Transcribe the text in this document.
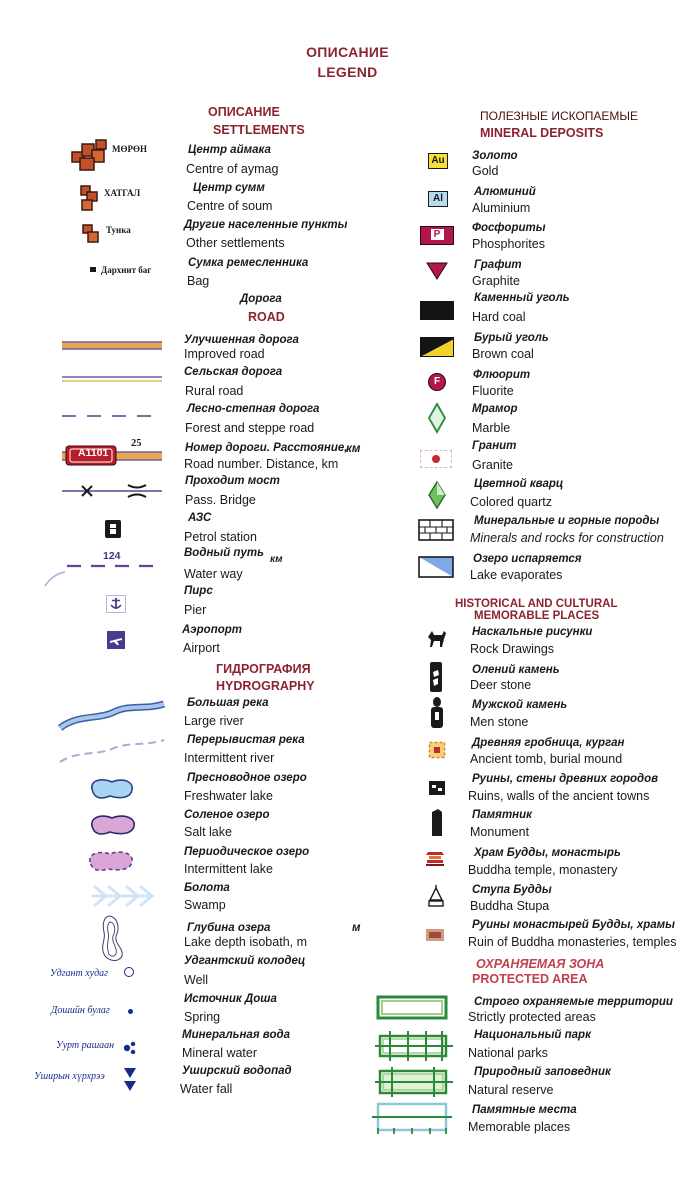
ОПИСАНИЕ
LEGEND
ОПИСАНИЕ
SETTLEMENTS
МӨРӨН	Центр аймака
Centre of aymag
ХАТГАЛ	Центр сумм
Centre of soum
Тунка	Другие населенные пункты
Other settlements
Дархнит баг
Сумка ремесленника
Bag
Дорога
ROAD
Улучшенная дорога
Improved road
Сельская дорога
Rural road
Лесно-степная дорога
Forest and steppe road
A1101
25	Номер дороги. Расстояние,
км
Road number. Distance, km
Проходит мост
Pass. Bridge
АЗС
Petrol station
124	Водный путь
км
Water way
Пирс
Pier
Аэропорт
Airport
ГИДРОГРАФИЯ
HYDROGRAPHY
Большая река
Large river
Перерывистая река
Intermittent river
Пресноводное озеро
Freshwater lake
Соленое озеро
Salt lake
Периодическое озеро
Intermittent lake
Болота
Swamp
Глубина озера	м
Lake depth isobath, m
Удгант худаг
Удгантский колодец
Well
Дошийн булаг
Источник Доша
Spring
Уурт рашаан
Минеральная вода
Mineral water
Уширын хүрхрээ	Уширский водопад
Water fall
ПОЛЕЗНЫЕ ИСКОПАЕМЫЕ
MINERAL DEPOSITS
Au Золото
Gold
Al
Алюминий
Aluminium
P
Фосфориты
Phosphorites
Графит
Graphite
Каменный уголь
Hard coal
Бурый уголь
Brown coal
F
Флюорит
Fluorite
Мрамор
Marble
Гранит
Granite
Цветной кварц
Colored quartz
Минеральные и горные породы
Minerals and rocks for construction
Озеро испаряется
Lake evaporates
HISTORICAL AND CULTURAL
MEMORABLE PLACES
Наскальные рисунки
Rock Drawings
Олений камень
Deer stone
Мужской камень
Men stone
Древняя гробница, курган
Ancient tomb, burial mound
Руины, стены древних городов
Ruins, walls of the ancient towns
Памятник
Monument
Храм Будды, монастырь
Buddha temple, monastery
Ступа Будды
Buddha Stupa
Руины монастырей Будды, храмы
Ruin of Buddha monasteries, temples
ОХРАНЯЕМАЯ ЗОНА
PROTECTED AREA
Строго охраняемые территории
Strictly protected areas
Национальный парк
National parks
Природный заповедник
Natural reserve
Памятные места
Memorable places
